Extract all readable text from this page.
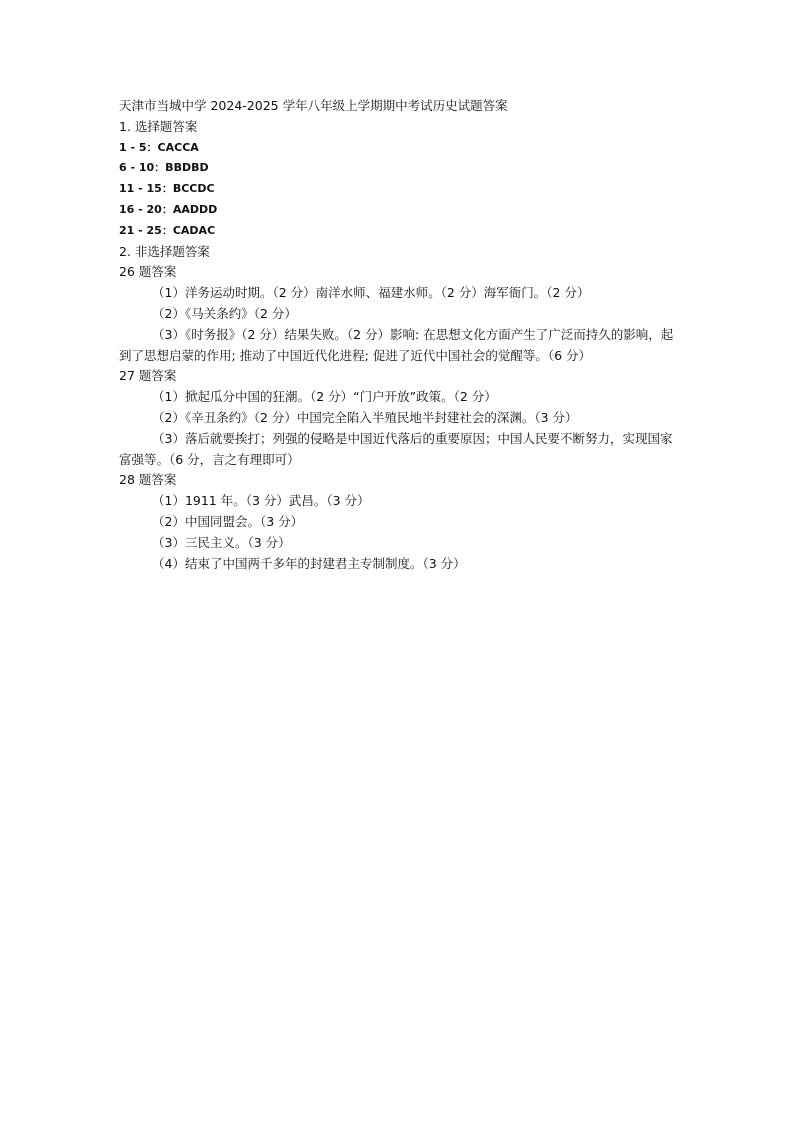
天津市当城中学 2024-2025 学年八年级上学期期中考试历史试题答案

1. 选择题答案

1 - 5：CACCA

6 - 10：BBDBD

11 - 15：BCCDC

16 - 20：AADDD

21 - 25：CADAC

2. 非选择题答案

26 题答案

（1）洋务运动时期。（2 分）南洋水师、福建水师。（2 分）海军衙门。（2 分）

（2）《马关条约》（2 分）

（3）《时务报》（2 分）结果失败。（2 分）影响: 在思想文化方面产生了广泛而持久的影响，起到了思想启蒙的作用; 推动了中国近代化进程; 促进了近代中国社会的觉醒等。（6 分）

27 题答案

（1）掀起瓜分中国的狂潮。（2 分）“门户开放”政策。（2 分）

（2）《辛丑条约》（2 分）中国完全陷入半殖民地半封建社会的深渊。（3 分）

（3）落后就要挨打；列强的侵略是中国近代落后的重要原因；中国人民要不断努力，实现国家富强等。（6 分，言之有理即可）

28 题答案

（1）1911 年。（3 分）武昌。（3 分）

（2）中国同盟会。（3 分）

（3）三民主义。（3 分）

（4）结束了中国两千多年的封建君主专制制度。（3 分）
